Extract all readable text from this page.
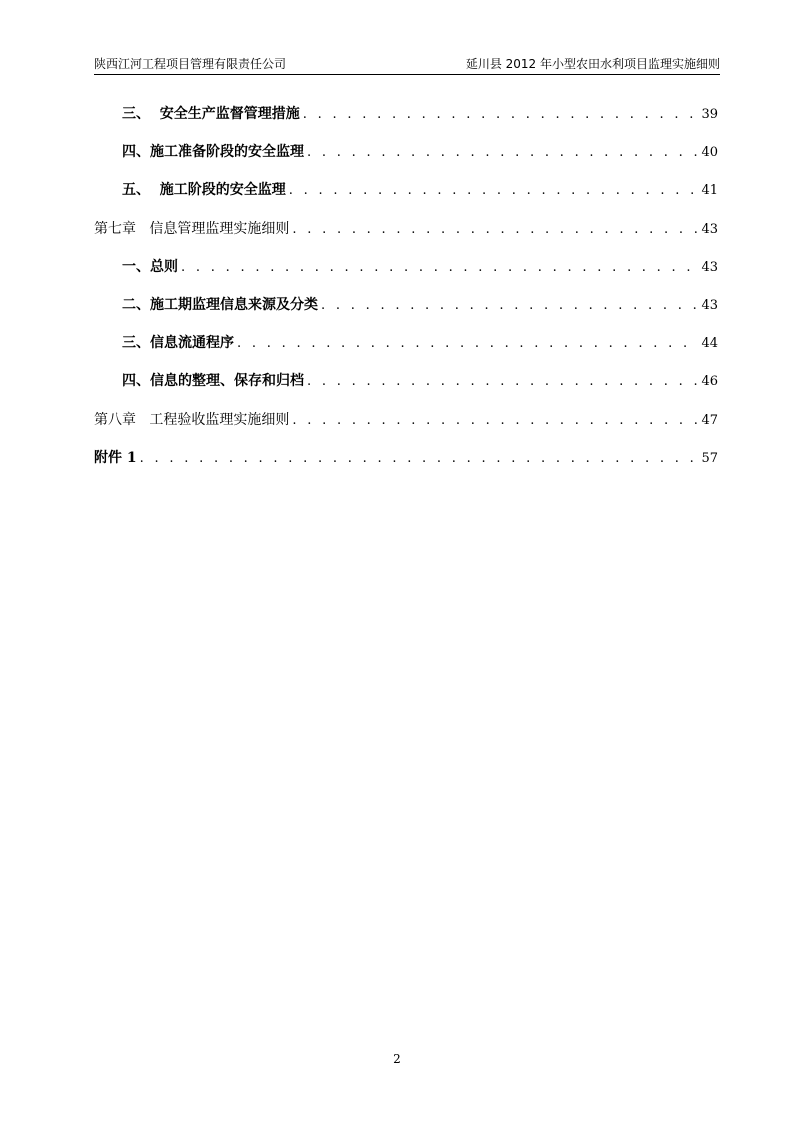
陕西江河工程项目管理有限责任公司	延川县 2012 年小型农田水利项目监理实施细则
三、  安全生产监督管理措施 . . .	39
四、施工准备阶段的安全监理 . . .	40
五、  施工阶段的安全监理 . . .	41
第七章   信息管理监理实施细则 . . .	43
一、总则 . . .	43
二、施工期监理信息来源及分类 . . .	43
三、信息流通程序 . . .	44
四、信息的整理、保存和归档 . . .	46
第八章   工程验收监理实施细则 . . .	47
附件 1 . . .	57
2
